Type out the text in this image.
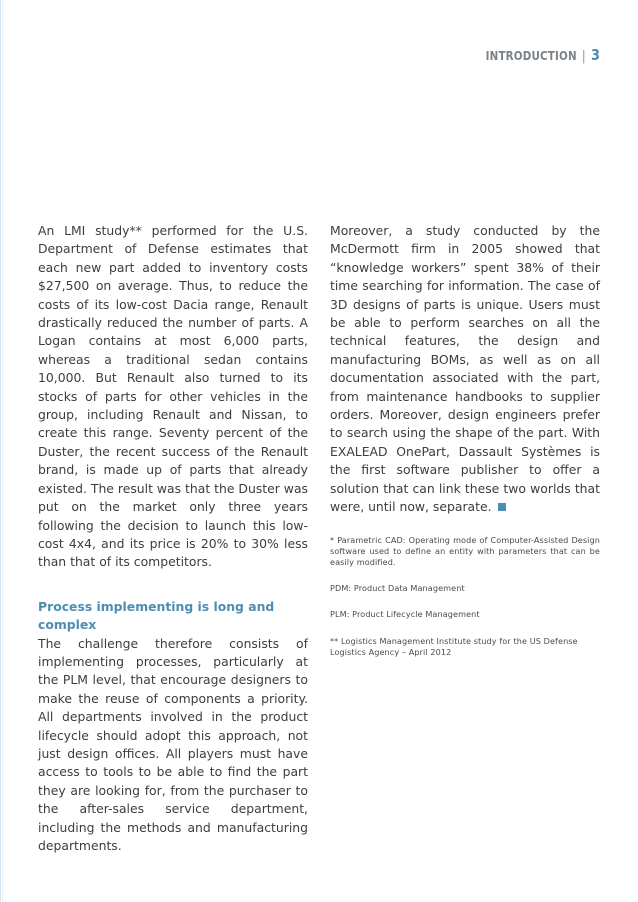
INTRODUCTION | 3

An LMI study** performed for the U.S. Department of Defense estimates that each new part added to inventory costs $27,500 on average. Thus, to reduce the costs of its low-cost Dacia range, Renault drastically reduced the number of parts. A Logan contains at most 6,000 parts, whereas a traditional sedan contains 10,000. But Renault also turned to its stocks of parts for other vehicles in the group, including Renault and Nissan, to create this range. Seventy percent of the Duster, the recent success of the Renault brand, is made up of parts that already existed. The result was that the Duster was put on the market only three years following the decision to launch this low-cost 4x4, and its price is 20% to 30% less than that of its competitors.

Process implementing is long and complex

The challenge therefore consists of implementing processes, particularly at the PLM level, that encourage designers to make the reuse of components a priority. All departments involved in the product lifecycle should adopt this approach, not just design offices. All players must have access to tools to be able to find the part they are looking for, from the purchaser to the after-sales service department, including the methods and manufacturing departments.

Moreover, a study conducted by the McDermott firm in 2005 showed that “knowledge workers” spent 38% of their time searching for information. The case of 3D designs of parts is unique. Users must be able to perform searches on all the technical features, the design and manufacturing BOMs, as well as on all documentation associated with the part, from maintenance handbooks to supplier orders. Moreover, design engineers prefer to search using the shape of the part. With EXALEAD OnePart, Dassault Systèmes is the first software publisher to offer a solution that can link these two worlds that were, until now, separate.

* Parametric CAD: Operating mode of Computer-Assisted Design software used to define an entity with parameters that can be easily modified.

PDM: Product Data Management

PLM: Product Lifecycle Management

** Logistics Management Institute study for the US Defense Logistics Agency – April 2012
